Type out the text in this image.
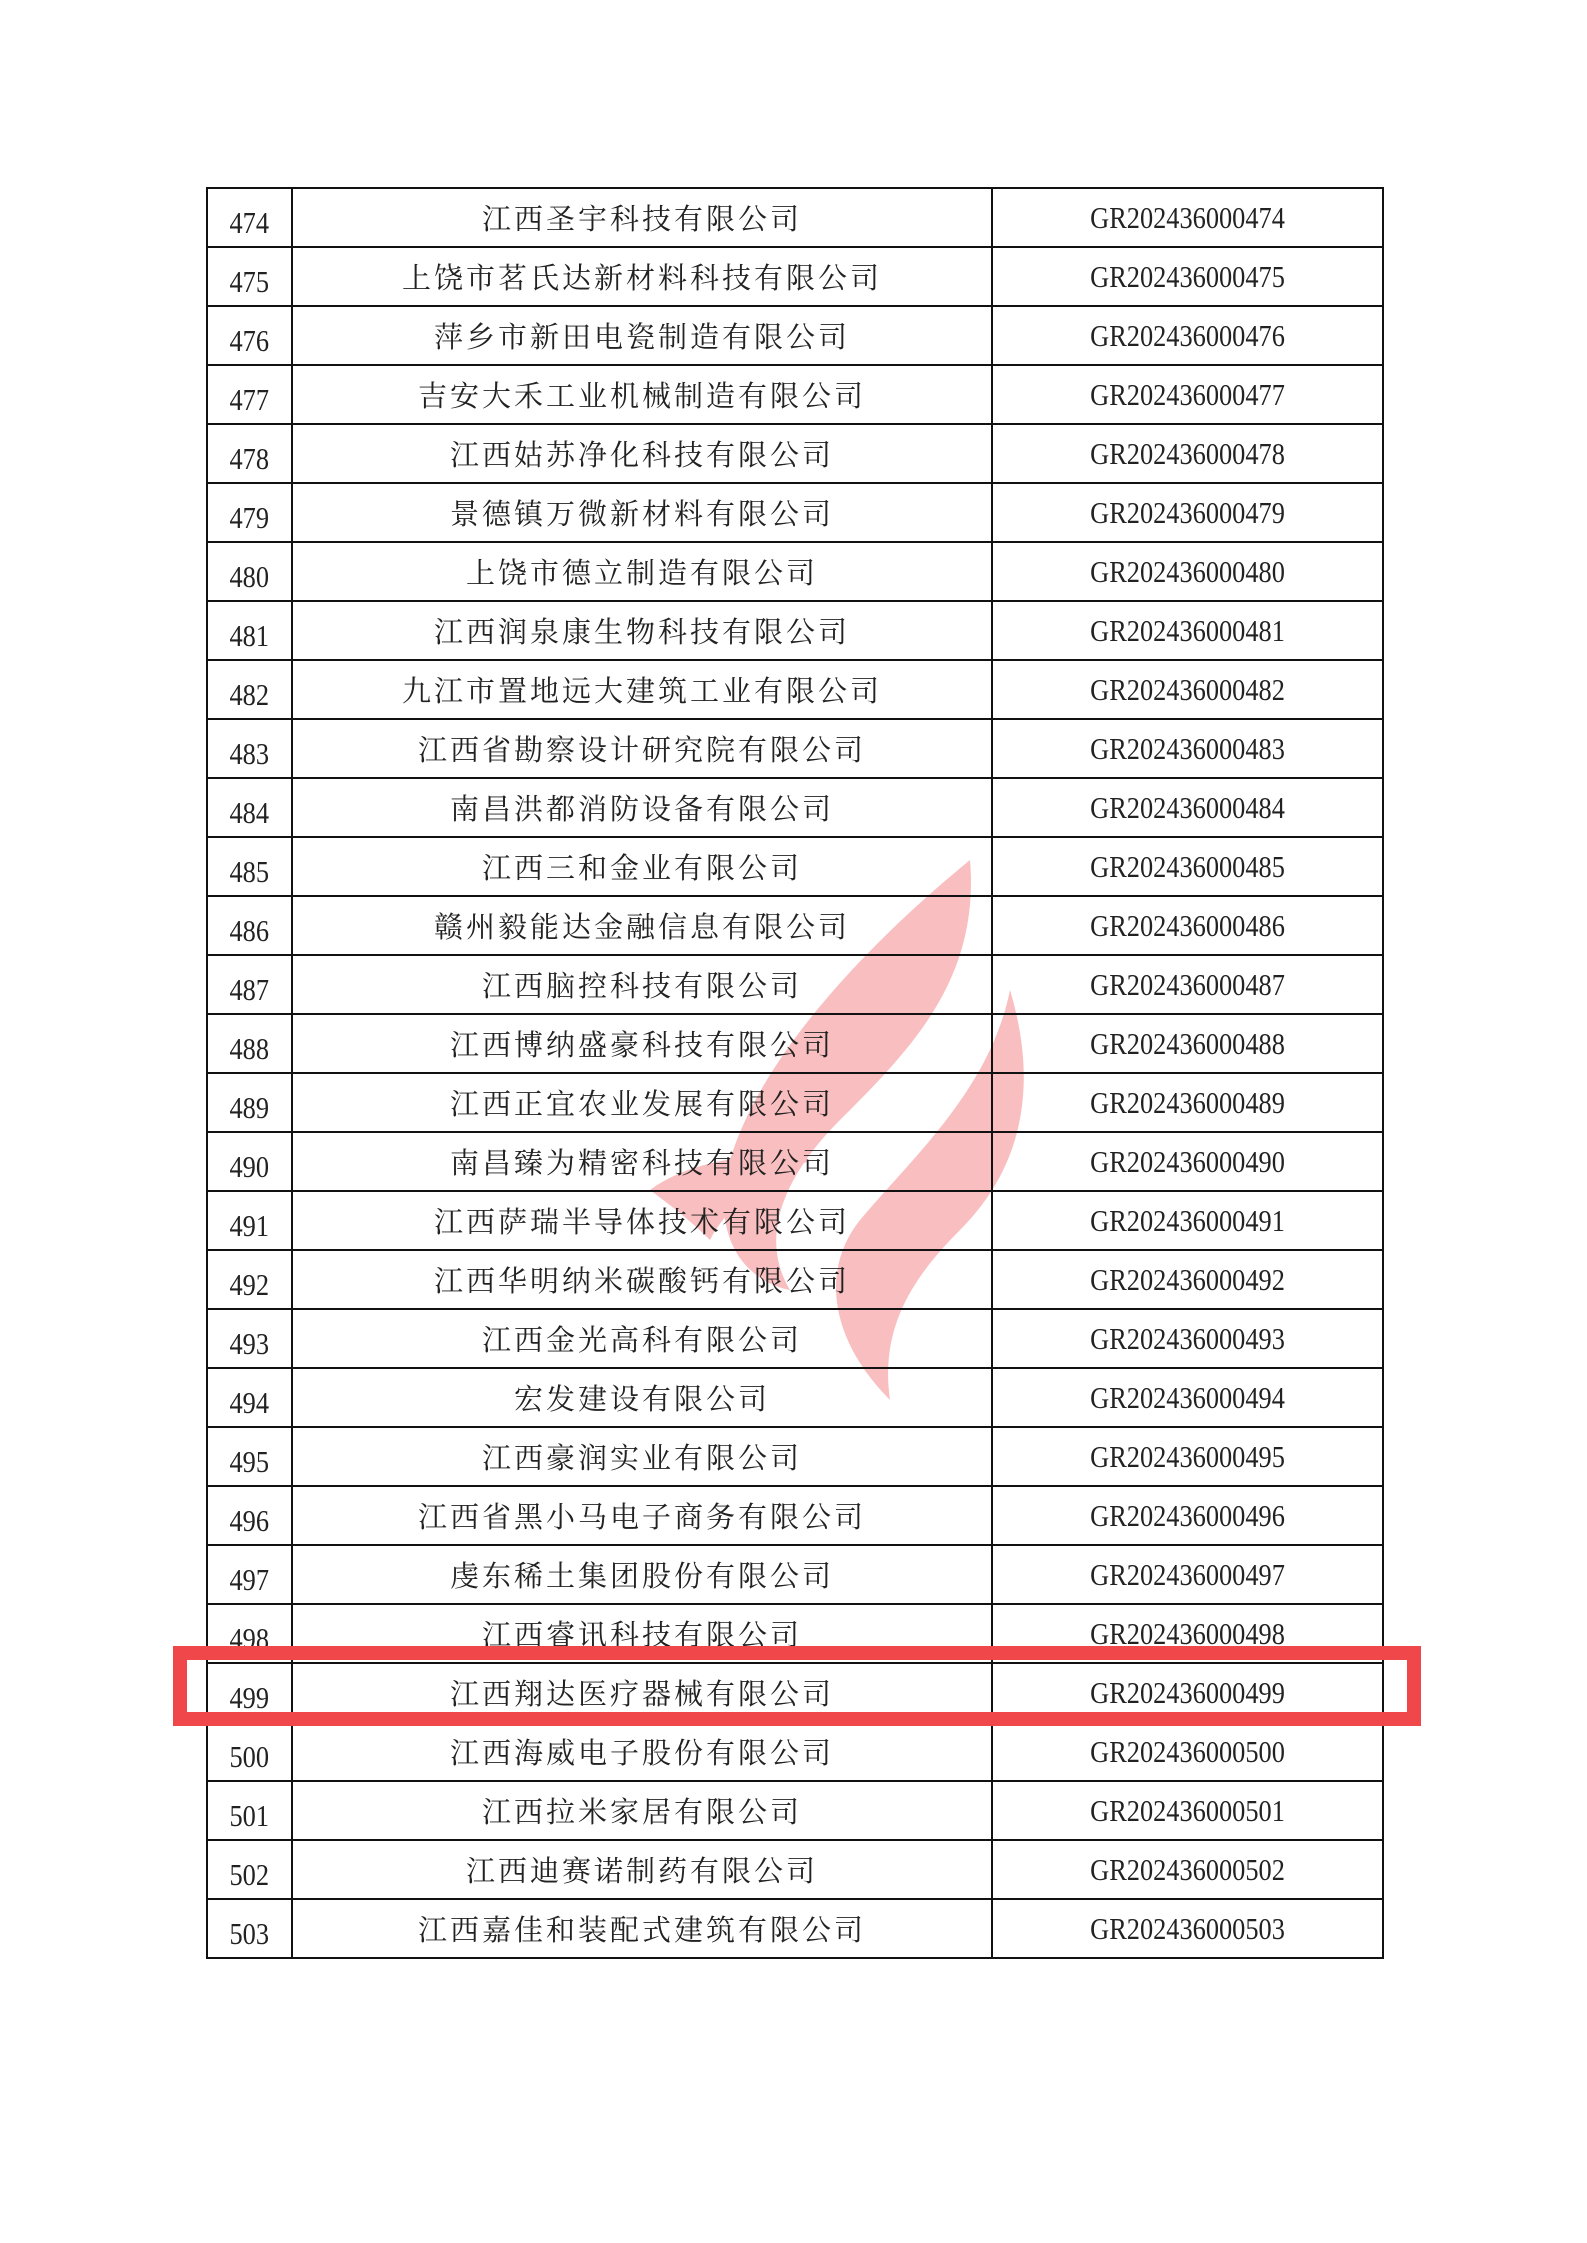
474	江西圣宇科技有限公司	GR202436000474
475	上饶市茗氏达新材料科技有限公司	GR202436000475
476	萍乡市新田电瓷制造有限公司	GR202436000476
477	吉安大禾工业机械制造有限公司	GR202436000477
478	江西姑苏净化科技有限公司	GR202436000478
479	景德镇万微新材料有限公司	GR202436000479
480	上饶市德立制造有限公司	GR202436000480
481	江西润泉康生物科技有限公司	GR202436000481
482	九江市置地远大建筑工业有限公司	GR202436000482
483	江西省勘察设计研究院有限公司	GR202436000483
484	南昌洪都消防设备有限公司	GR202436000484
485	江西三和金业有限公司	GR202436000485
486	赣州毅能达金融信息有限公司	GR202436000486
487	江西脑控科技有限公司	GR202436000487
488	江西博纳盛豪科技有限公司	GR202436000488
489	江西正宜农业发展有限公司	GR202436000489
490	南昌臻为精密科技有限公司	GR202436000490
491	江西萨瑞半导体技术有限公司	GR202436000491
492	江西华明纳米碳酸钙有限公司	GR202436000492
493	江西金光高科有限公司	GR202436000493
494	宏发建设有限公司	GR202436000494
495	江西豪润实业有限公司	GR202436000495
496	江西省黑小马电子商务有限公司	GR202436000496
497	虔东稀土集团股份有限公司	GR202436000497
498	江西睿讯科技有限公司	GR202436000498
499	江西翔达医疗器械有限公司	GR202436000499
500	江西海威电子股份有限公司	GR202436000500
501	江西拉米家居有限公司	GR202436000501
502	江西迪赛诺制药有限公司	GR202436000502
503	江西嘉佳和装配式建筑有限公司	GR202436000503
